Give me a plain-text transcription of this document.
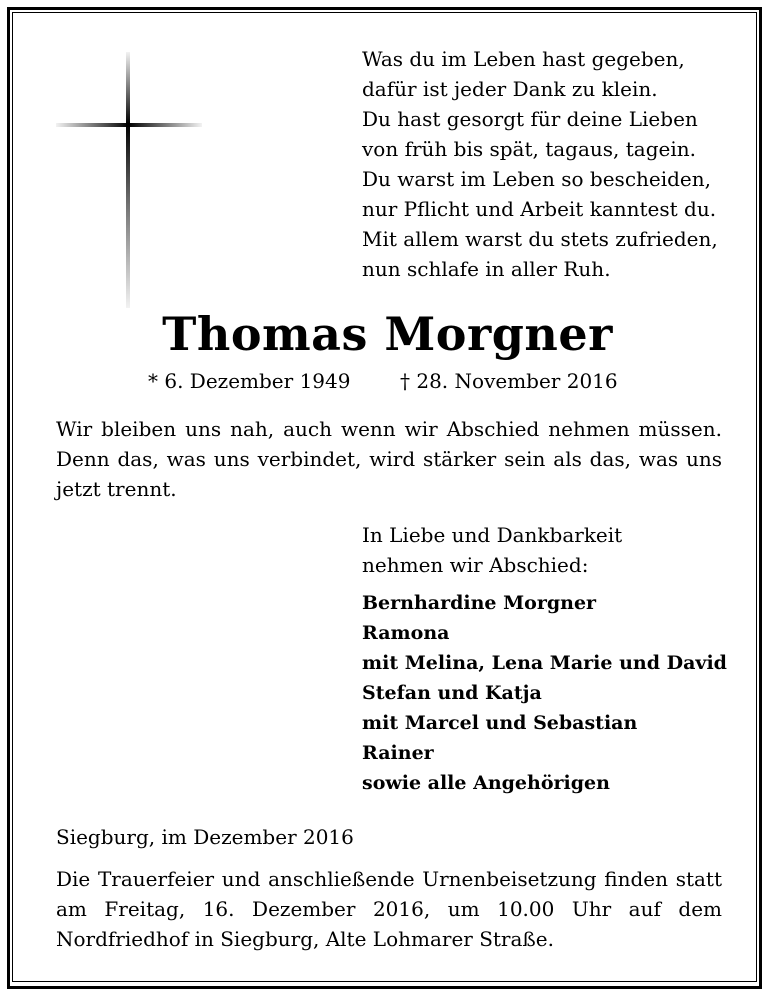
Was du im Leben hast gegeben,
dafür ist jeder Dank zu klein.
Du hast gesorgt für deine Lieben
von früh bis spät, tagaus, tagein.
Du warst im Leben so bescheiden,
nur Pflicht und Arbeit kanntest du.
Mit allem warst du stets zufrieden,
nun schlafe in aller Ruh.
Thomas Morgner
* 6. Dezember 1949 † 28. November 2016

Wir bleiben uns nah, auch wenn wir Abschied nehmen müssen. Denn das, was uns verbindet, wird stärker sein als das, was uns jetzt trennt.

In Liebe und Dankbarkeit
nehmen wir Abschied:
Bernhardine Morgner
Ramona
mit Melina, Lena Marie und David
Stefan und Katja
mit Marcel und Sebastian
Rainer
sowie alle Angehörigen
Siegburg, im Dezember 2016

Die Trauerfeier und anschließende Urnenbeisetzung finden statt am Freitag, 16. Dezember 2016, um 10.00 Uhr auf dem Nordfriedhof in Siegburg, Alte Lohmarer Straße.
